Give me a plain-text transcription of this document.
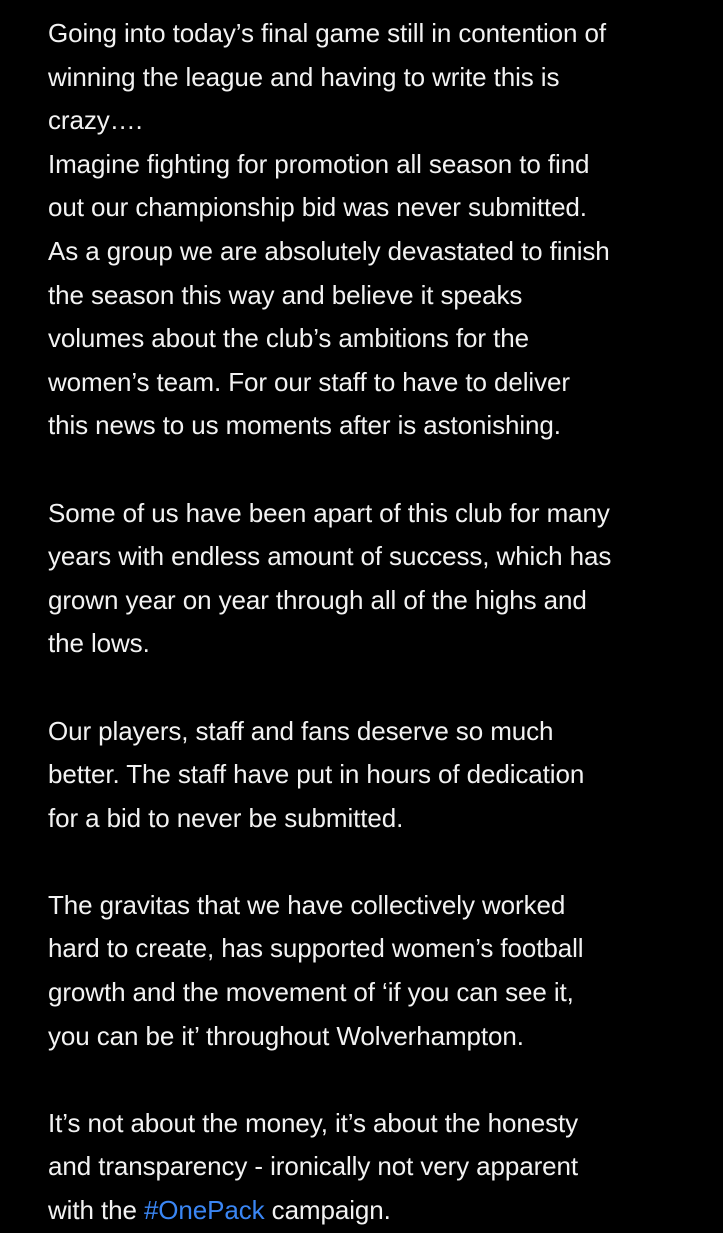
Going into today’s final game still in contention of
winning the league and having to write this is
crazy….
Imagine fighting for promotion all season to find
out our championship bid was never submitted.
As a group we are absolutely devastated to finish
the season this way and believe it speaks
volumes about the club’s ambitions for the
women’s team. For our staff to have to deliver
this news to us moments after is astonishing.
Some of us have been apart of this club for many
years with endless amount of success, which has
grown year on year through all of the highs and
the lows.
Our players, staff and fans deserve so much
better. The staff have put in hours of dedication
for a bid to never be submitted.
The gravitas that we have collectively worked
hard to create, has supported women’s football
growth and the movement of ‘if you can see it,
you can be it’ throughout Wolverhampton.
It’s not about the money, it’s about the honesty
and transparency - ironically not very apparent
with the #OnePack campaign.
